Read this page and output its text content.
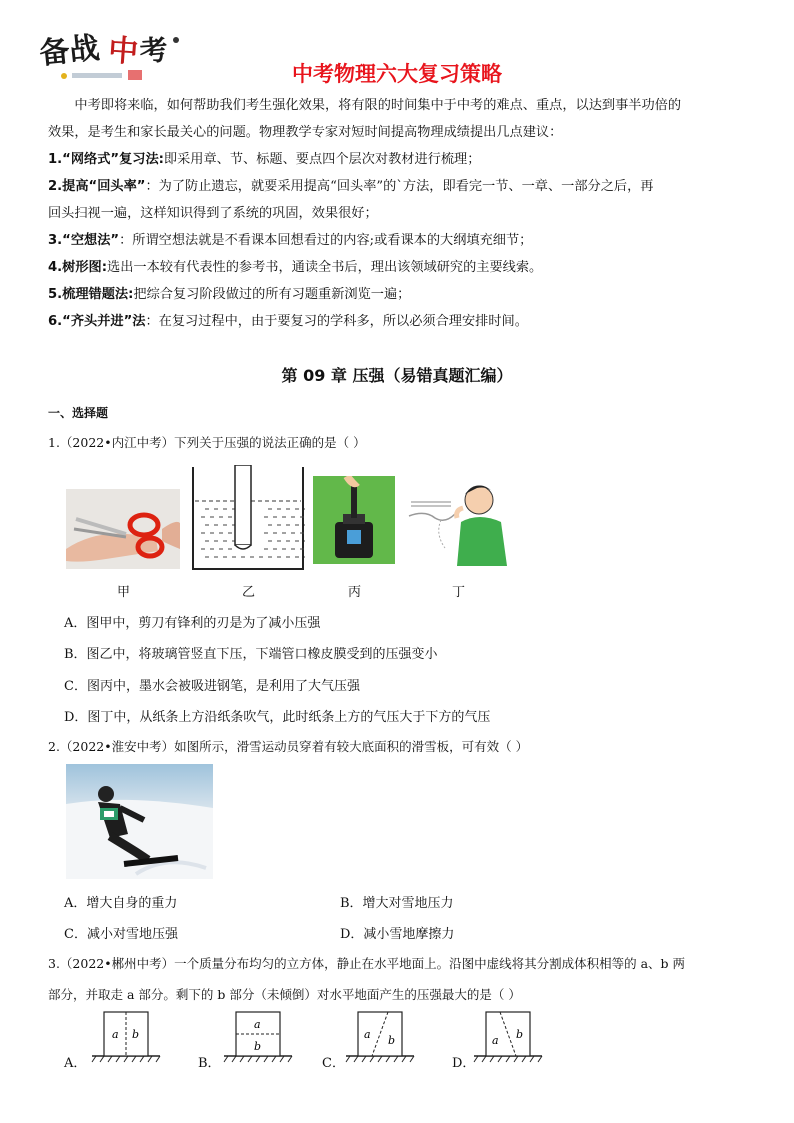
备战 中 考
中考物理六大复习策略

中考即将来临，如何帮助我们考生强化效果，将有限的时间集中于中考的难点、重点，以达到事半功倍的

效果，是考生和家长最关心的问题。物理教学专家对短时间提高物理成绩提出几点建议：

1.“网络式”复习法:即采用章、节、标题、要点四个层次对教材进行梳理；

2.提高“回头率”：为了防止遗忘，就要采用提高“回头率”的`方法，即看完一节、一章、一部分之后，再

回头扫视一遍，这样知识得到了系统的巩固，效果很好；

3.“空想法”：所谓空想法就是不看课本回想看过的内容;或看课本的大纲填充细节；

4.树形图:选出一本较有代表性的参考书，通读全书后，理出该领域研究的主要线索。

5.梳理错题法:把综合复习阶段做过的所有习题重新浏览一遍；

6.“齐头并进”法：在复习过程中，由于要复习的学科多，所以必须合理安排时间。

第 09 章 压强（易错真题汇编）
一、选择题
1.（2022•内江中考）下列关于压强的说法正确的是（ ）
甲	乙	丙	丁
A．图甲中，剪刀有锋利的刃是为了减小压强
B．图乙中，将玻璃管竖直下压，下端管口橡皮膜受到的压强变小
C．图丙中，墨水会被吸进钢笔，是利用了大气压强
D．图丁中，从纸条上方沿纸条吹气，此时纸条上方的气压大于下方的气压
2.（2022•淮安中考）如图所示，滑雪运动员穿着有较大底面积的滑雪板，可有效（ ）
A．增大自身的重力	B．增大对雪地压力
C．减小对雪地压强	D．减小雪地摩擦力
3.（2022•郴州中考）一个质量分布均匀的立方体，静止在水平地面上。沿图中虚线将其分割成体积相等的 a、b 两
部分，并取走 a 部分。剩下的 b 部分（未倾倒）对水平地面产生的压强最大的是（ ）
A．
a b
B．
a
b
C．
a b
D．
a b
